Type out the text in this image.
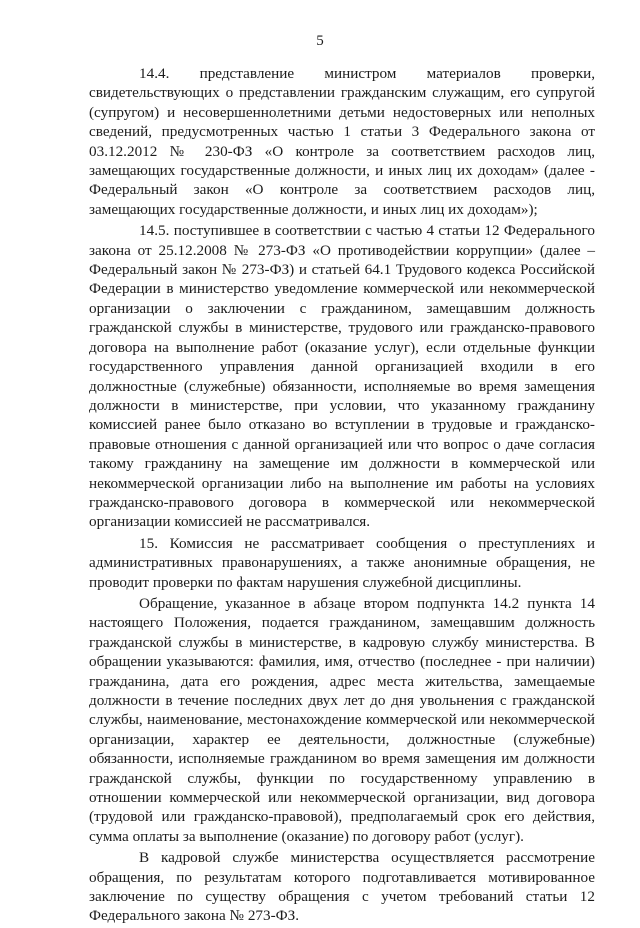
5

14.4. представление министром материалов проверки, свидетельствующих о представлении гражданским служащим, его супругой (супругом) и несовершеннолетними детьми недостоверных или неполных сведений, предусмотренных частью 1 статьи 3 Федерального закона от 03.12.2012 № 230-ФЗ «О контроле за соответствием расходов лиц, замещающих государственные должности, и иных лиц их доходам» (далее - Федеральный закон «О контроле за соответствием расходов лиц, замещающих государственные должности, и иных лиц их доходам»);

14.5. поступившее в соответствии с частью 4 статьи 12 Федерального закона от 25.12.2008 № 273-ФЗ «О противодействии коррупции» (далее – Федеральный закон № 273-ФЗ) и статьей 64.1 Трудового кодекса Российской Федерации в министерство уведомление коммерческой или некоммерческой организации о заключении с гражданином, замещавшим должность гражданской службы в министерстве, трудового или гражданско-правового договора на выполнение работ (оказание услуг), если отдельные функции государственного управления данной организацией входили в его должностные (служебные) обязанности, исполняемые во время замещения должности в министерстве, при условии, что указанному гражданину комиссией ранее было отказано во вступлении в трудовые и гражданско-правовые отношения с данной организацией или что вопрос о даче согласия такому гражданину на замещение им должности в коммерческой или некоммерческой организации либо на выполнение им работы на условиях гражданско-правового договора в коммерческой или некоммерческой организации комиссией не рассматривался.

15. Комиссия не рассматривает сообщения о преступлениях и административных правонарушениях, а также анонимные обращения, не проводит проверки по фактам нарушения служебной дисциплины.

Обращение, указанное в абзаце втором подпункта 14.2 пункта 14 настоящего Положения, подается гражданином, замещавшим должность гражданской службы в министерстве, в кадровую службу министерства. В обращении указываются: фамилия, имя, отчество (последнее - при наличии) гражданина, дата его рождения, адрес места жительства, замещаемые должности в течение последних двух лет до дня увольнения с гражданской службы, наименование, местонахождение коммерческой или некоммерческой организации, характер ее деятельности, должностные (служебные) обязанности, исполняемые гражданином во время замещения им должности гражданской службы, функции по государственному управлению в отношении коммерческой или некоммерческой организации, вид договора (трудовой или гражданско-правовой), предполагаемый срок его действия, сумма оплаты за выполнение (оказание) по договору работ (услуг).

В кадровой службе министерства осуществляется рассмотрение обращения, по результатам которого подготавливается мотивированное заключение по существу обращения с учетом требований статьи 12 Федерального закона № 273-ФЗ.
